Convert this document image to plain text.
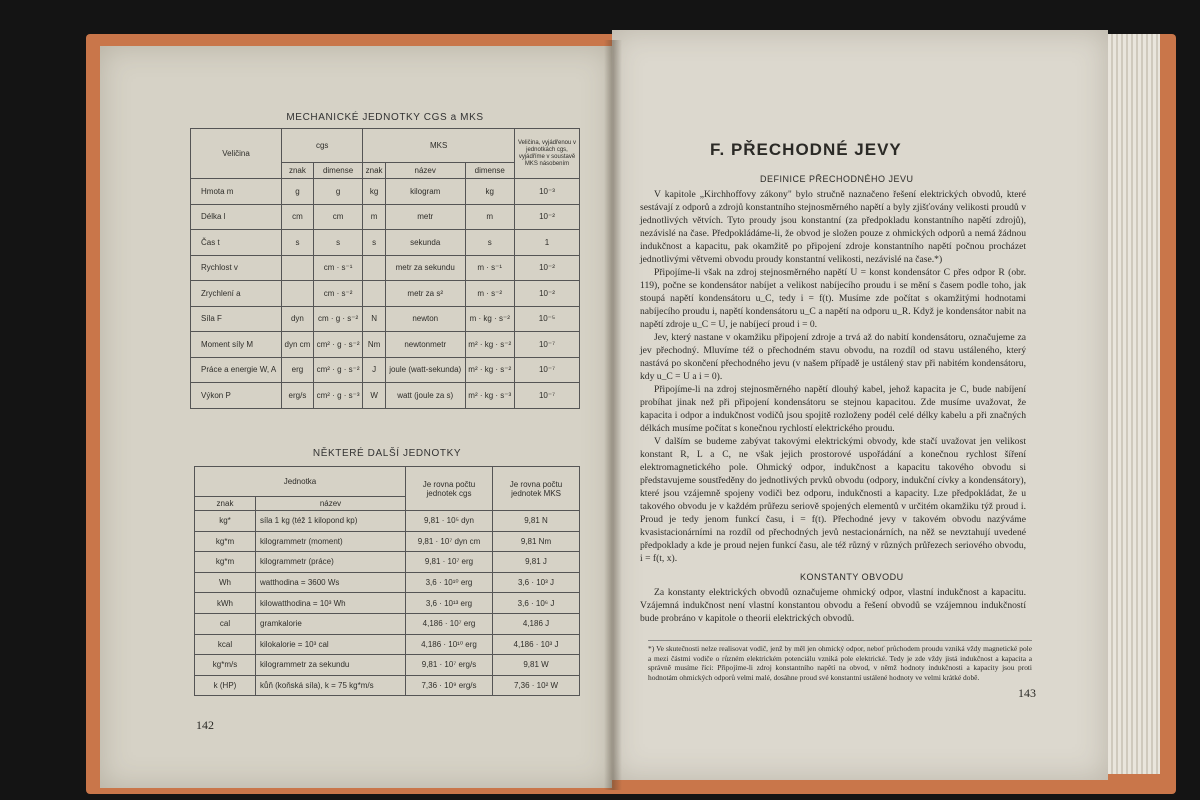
MECHANICKÉ JEDNOTKY CGS a MKS
Veličina	cgs		MKS			Veličina, vyjádřenou v jednotkách cgs, vyjádříme v soustavě MKS násobením
	znak	dimense	znak	název	dimense	
Hmota m	g	g	kg	kilogram	kg	10⁻³
Délka l	cm	cm	m	metr	m	10⁻²
Čas t	s	s	s	sekunda	s	1
Rychlost v		cm · s⁻¹		metr za sekundu	m · s⁻¹	10⁻²
Zrychlení a		cm · s⁻²		metr za s²	m · s⁻²	10⁻²
Síla F	dyn	cm · g · s⁻²	N	newton	m · kg · s⁻²	10⁻⁵
Moment síly M	dyn cm	cm² · g · s⁻²	Nm	newtonmetr	m² · kg · s⁻²	10⁻⁷
Práce a energie W, A	erg	cm² · g · s⁻²	J	joule (watt-sekunda)	m² · kg · s⁻²	10⁻⁷
Výkon P	erg/s	cm² · g · s⁻³	W	watt (joule za s)	m² · kg · s⁻³	10⁻⁷
NĚKTERÉ DALŠÍ JEDNOTKY
Jednotka		Je rovna počtu jednotek cgs	Je rovna počtu jednotek MKS
znak	název		
kg*	síla 1 kg (též 1 kilopond kp)	9,81 · 10⁵ dyn	9,81 N
kg*m	kilogrammetr (moment)	9,81 · 10⁷ dyn cm	9,81 Nm
kg*m	kilogrammetr (práce)	9,81 · 10⁷ erg	9,81 J
Wh	watthodina = 3600 Ws	3,6 · 10¹⁰ erg	3,6 · 10³ J
kWh	kilowatthodina = 10³ Wh	3,6 · 10¹³ erg	3,6 · 10⁶ J
cal	gramkalorie	4,186 · 10⁷ erg	4,186 J
kcal	kilokalorie = 10³ cal	4,186 · 10¹⁰ erg	4,186 · 10³ J
kg*m/s	kilogrammetr za sekundu	9,81 · 10⁷ erg/s	9,81 W
k (HP)	kůň (koňská síla), k = 75 kg*m/s	7,36 · 10⁹ erg/s	7,36 · 10² W
142
F. PŘECHODNÉ JEVY
DEFINICE PŘECHODNÉHO JEVU

V kapitole „Kirchhoffovy zákony" bylo stručně naznačeno řešení elektrických obvodů, které sestávají z odporů a zdrojů konstantního stejnosměrného napětí a byly zjišťovány velikosti proudů v jednotlivých větvích. Tyto proudy jsou konstantní (za předpokladu konstantního napětí zdrojů), nezávislé na čase. Předpokládáme-li, že obvod je složen pouze z ohmických odporů a nemá žádnou indukčnost a kapacitu, pak okamžitě po připojení zdroje konstantního napětí počnou procházet jednotlivými větvemi obvodu proudy konstantní velikosti, nezávislé na čase.*)

Připojíme-li však na zdroj stejnosměrného napětí U = konst kondensátor C přes odpor R (obr. 119), počne se kondensátor nabíjet a velikost nabíjecího proudu i se mění s časem podle toho, jak stoupá napětí kondensátoru u_C, tedy i = f(t). Musíme zde počítat s okamžitými hodnotami nabíjecího proudu i, napětí kondensátoru u_C a napětí na odporu u_R. Když je kondensátor nabit na napětí zdroje u_C = U, je nabíjecí proud i = 0.

Jev, který nastane v okamžiku připojení zdroje a trvá až do nabití kondensátoru, označujeme za jev přechodný. Mluvíme též o přechodném stavu obvodu, na rozdíl od stavu ustáleného, který nastává po skončení přechodného jevu (v našem případě je ustálený stav při nabitém kondensátoru, kdy u_C = U a i = 0).

Připojíme-li na zdroj stejnosměrného napětí dlouhý kabel, jehož kapacita je C, bude nabíjení probíhat jinak než při připojení kondensátoru se stejnou kapacitou. Zde musíme uvažovat, že kapacita i odpor a indukčnost vodičů jsou spojitě rozloženy podél celé délky kabelu a při značných délkách musíme počítat s konečnou rychlostí elektrického proudu.

V dalším se budeme zabývat takovými elektrickými obvody, kde stačí uvažovat jen velikost konstant R, L a C, ne však jejich prostorové uspořádání a konečnou rychlost šíření elektromagnetického pole. Ohmický odpor, indukčnost a kapacitu takového obvodu si představujeme soustředěny do jednotlivých prvků obvodu (odpory, indukční cívky a kondensátory), které jsou vzájemně spojeny vodiči bez odporu, indukčnosti a kapacity. Lze předpokládat, že u takového obvodu je v každém průřezu seriově spojených elementů v určitém okamžiku týž proud i. Proud je tedy jenom funkcí času, i = f(t). Přechodné jevy v takovém obvodu nazýváme kvasistacionárními na rozdíl od přechodných jevů nestacionárních, na něž se nevztahují uvedené předpoklady a kde je proud nejen funkcí času, ale též různý v různých průřezech seriového obvodu, i = f(t, x).

KONSTANTY OBVODU

Za konstanty elektrických obvodů označujeme ohmický odpor, vlastní indukčnost a kapacitu. Vzájemná indukčnost není vlastní konstantou obvodu a řešení obvodů se vzájemnou indukčností bude probráno v kapitole o theorii elektrických obvodů.

*) Ve skutečnosti nelze realisovat vodič, jenž by měl jen ohmický odpor, neboť průchodem proudu vzniká vždy magnetické pole a mezi částmi vodiče o různém elektrickém potenciálu vzniká pole elektrické. Tedy je zde vždy jistá indukčnost a kapacita a správně musíme říci: Připojíme-li zdroj konstantního napětí na obvod, v němž hodnoty indukčnosti a kapacity jsou proti hodnotám ohmických odporů velmi malé, dosáhne proud své konstantní ustálené hodnoty ve velmi krátké době.
143
